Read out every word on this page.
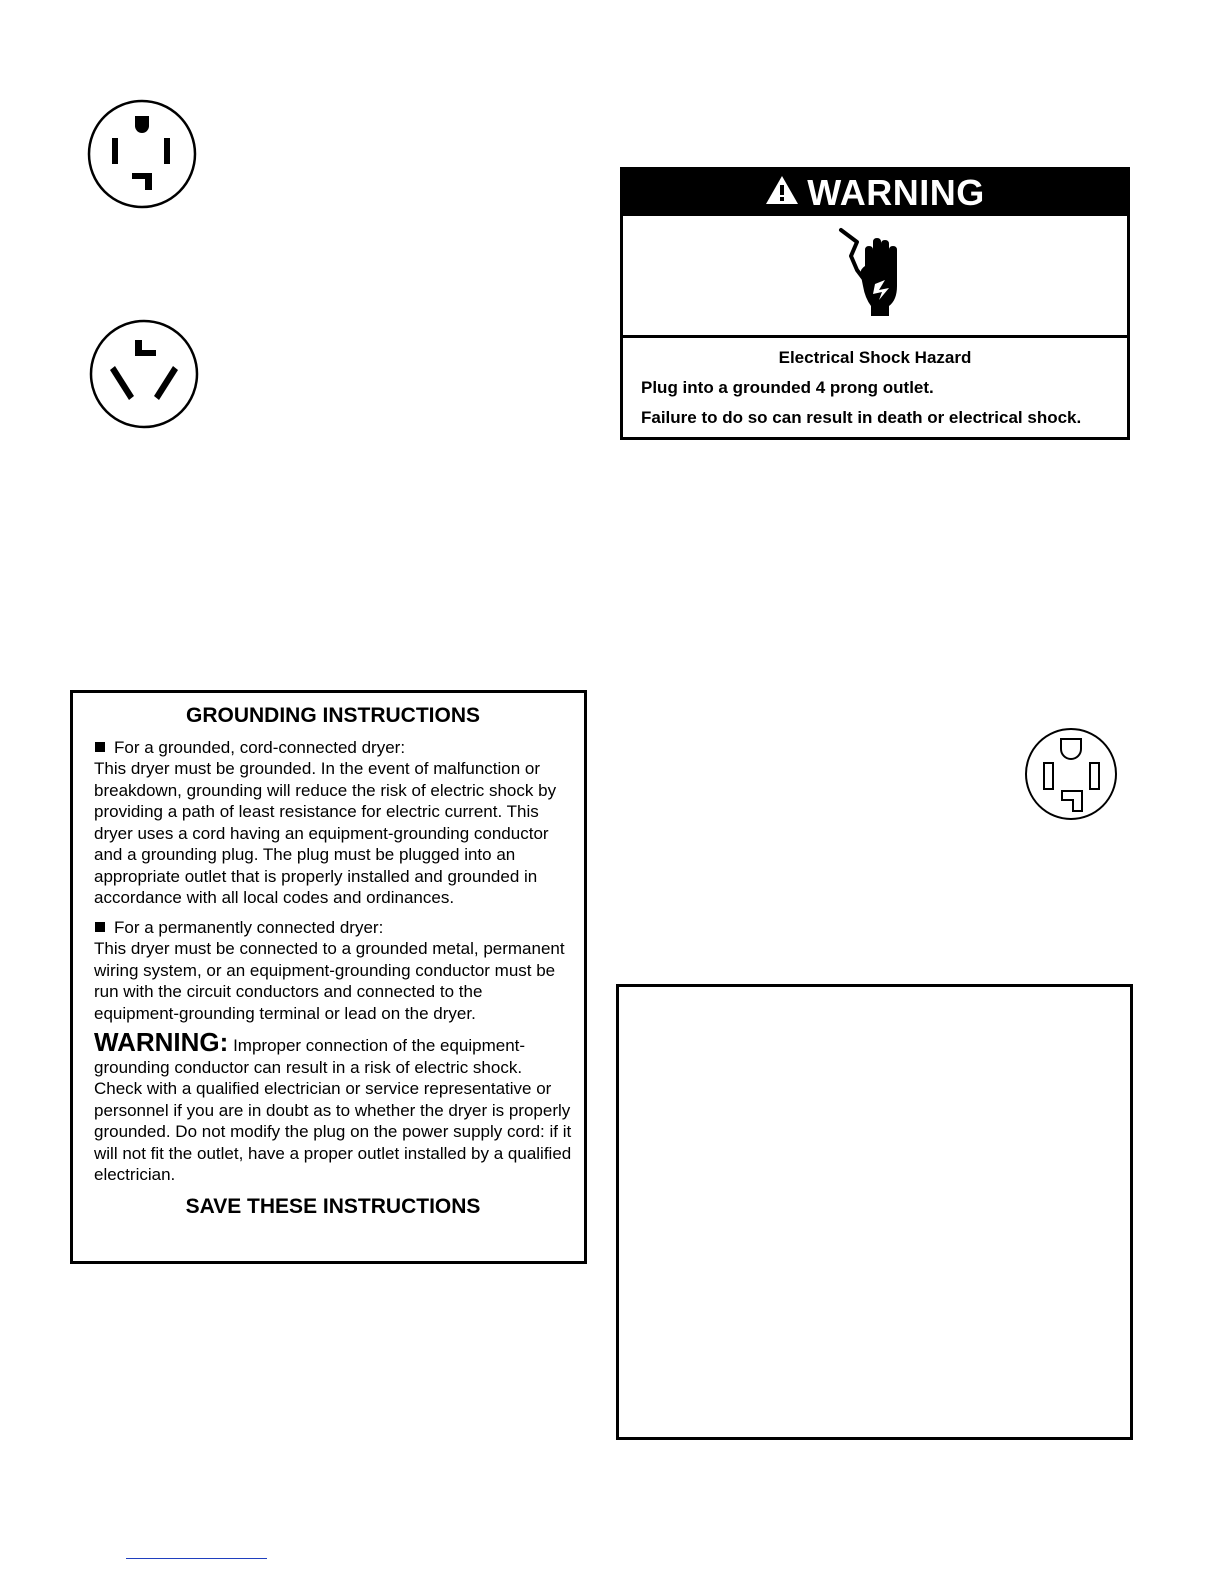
WARNING
Electrical Shock Hazard
Plug into a grounded 4 prong outlet.
Failure to do so can result in death or electrical shock.
GROUNDING INSTRUCTIONS
For a grounded, cord-connected dryer:
This dryer must be grounded. In the event of malfunction or breakdown, grounding will reduce the risk of electric shock by providing a path of least resistance for electric current. This dryer uses a cord having an equipment-grounding conductor and a grounding plug. The plug must be plugged into an appropriate outlet that is properly installed and grounded in accordance with all local codes and ordinances.
For a permanently connected dryer:
This dryer must be connected to a grounded metal, permanent wiring system, or an equipment-grounding conductor must be run with the circuit conductors and connected to the equipment-grounding terminal or lead on the dryer.
WARNING: Improper connection of the equipment-grounding conductor can result in a risk of electric shock. Check with a qualified electrician or service representative or personnel if you are in doubt as to whether the dryer is properly grounded. Do not modify the plug on the power supply cord: if it will not fit the outlet, have a proper outlet installed by a qualified electrician.
SAVE THESE INSTRUCTIONS
